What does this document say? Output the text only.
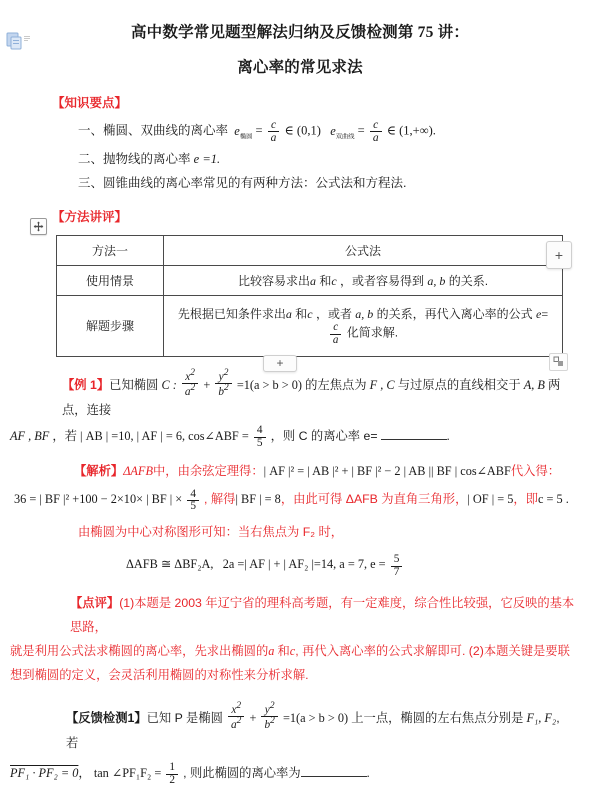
高中数学常见题型解法归纳及反馈检测第 75 讲：
离心率的常见求法
【知识要点】
一、椭圆、双曲线的离心率 $e_{椭圆} = \frac{c}{a}$ ∈ (0,1) $e_{双曲线} = \frac{c}{a}$ ∈ (1,+∞).
二、抛物线的离心率 e =1.
三、圆锥曲线的离心率常见的有两种方法：公式法和方程法.
【方法讲评】
方法一	公式法
使用情景	比较容易求出a 和c ，或者容易得到 a, b 的关系.
解题步骤	先根据已知条件求出a 和c ，或者 a, b 的关系，再代入离心率的公式 e=
$\frac{c}{a}$ 化简求解.
+
+
【例 1】已知椭圆 C : $\frac{x^2}{a^2} + \frac{y^2}{b^2} =1(a > b > 0)$ 的左焦点为 F , C 与过原点的直线相交于 A, B 两点，连接
AF , BF ，若 | AB | =10, | AF | = 6, cos∠ABF = $\frac{4}{5}$ ，则 C 的离心率 e=	.
【解析】ΔAFB中，由余弦定理得：| AF |² = | AB |² + | BF |² − 2 | AB || BF | cos∠ABF代入得：
36 = | BF |² +100 − 2×10× | BF | × $\frac{4}{5}$ , 解得| BF | = 8，由此可得 ΔAFB 为直角三角形，| OF | = 5，即c = 5 .
由椭圆为中心对称图形可知：当右焦点为 F₂ 时，
ΔAFB ≅ ΔBF₂A, 2a =| AF | + | AF₂ |=14, a = 7, $e = \frac{5}{7}$
【点评】(1)本题是 2003 年辽宁省的理科高考题，有一定难度，综合性比较强，它反映的基本思路，
就是利用公式法求椭圆的离心率，先求出椭圆的a 和c, 再代入离心率的公式求解即可. (2)本题关键是要联
想到椭圆的定义，会灵活利用椭圆的对称性来分析求解.
【反馈检测1】已知 P 是椭圆 $\frac{x^2}{a^2} + \frac{y^2}{b^2} =1(a > b > 0)$ 上一点，椭圆的左右焦点分别是 F₁, F₂, 若
PF₁ · PF₂ = 0， tan ∠PF₁F₂ = $\frac{1}{2}$ , 则此椭圆的离心率为	.
